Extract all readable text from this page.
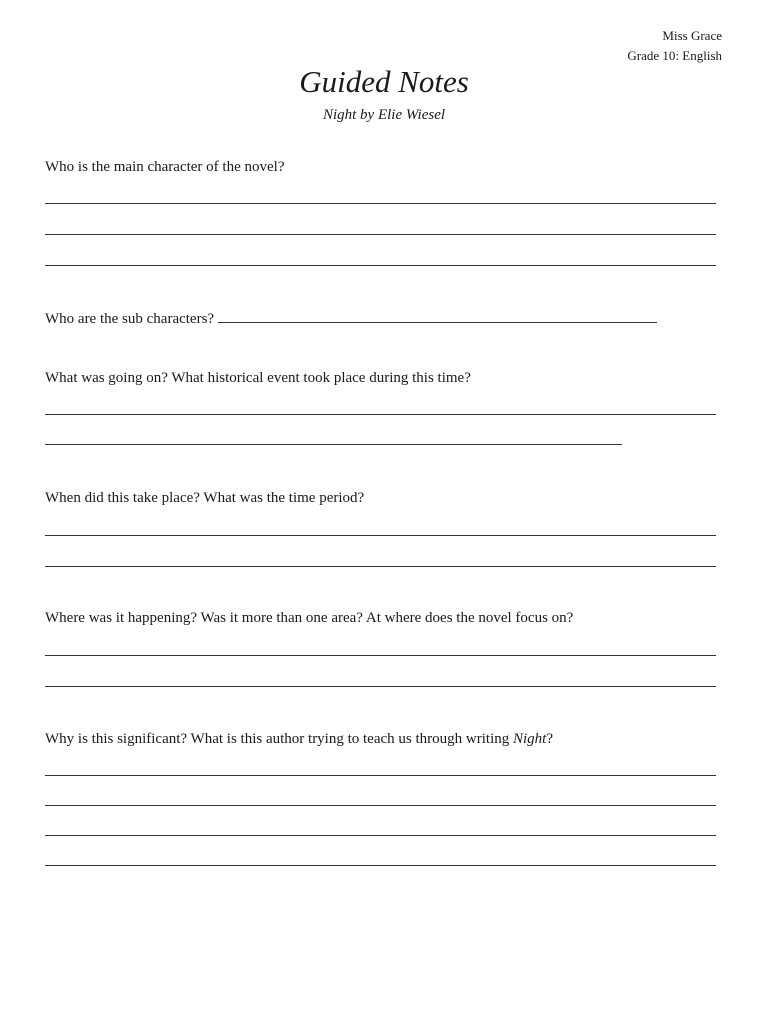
Miss Grace
Grade 10: English
Guided Notes
Night by Elie Wiesel
Who is the main character of the novel?
Who are the sub characters?
What was going on? What historical event took place during this time?
When did this take place? What was the time period?
Where was it happening? Was it more than one area? At where does the novel focus on?
Why is this significant? What is this author trying to teach us through writing Night?
